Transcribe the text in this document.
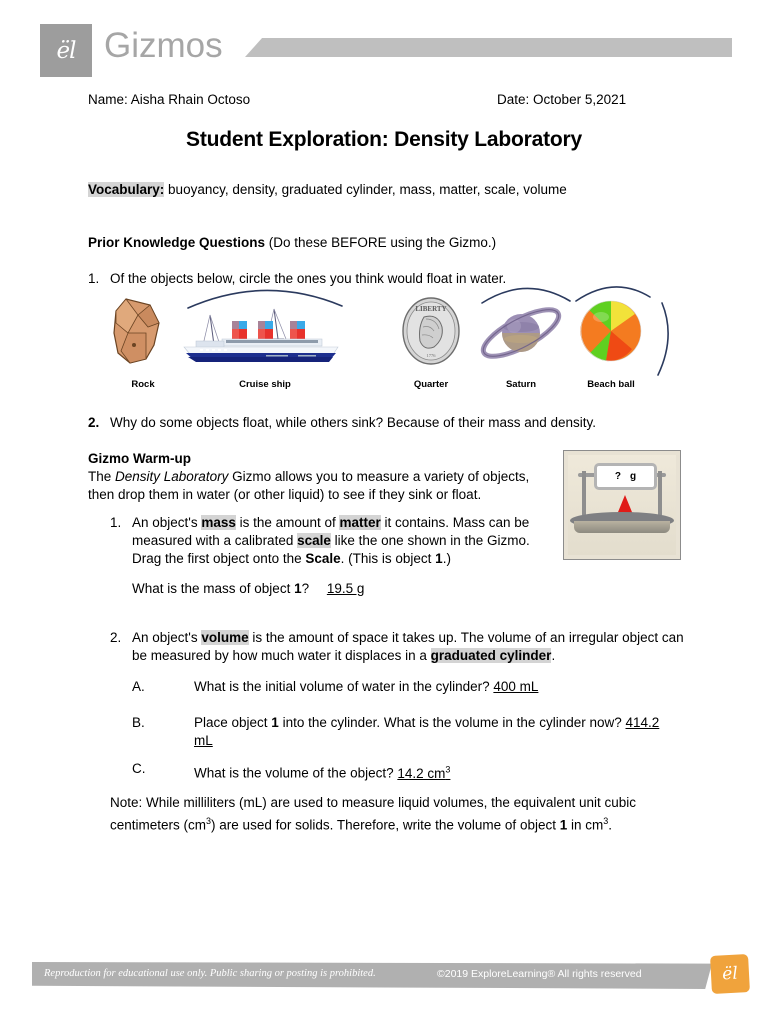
ël Gizmos
Name: Aisha Rhain Octoso	Date: October 5,2021
Student Exploration: Density Laboratory
Vocabulary: buoyancy, density, graduated cylinder, mass, matter, scale, volume
Prior Knowledge Questions (Do these BEFORE using the Gizmo.)
1. Of the objects below, circle the ones you think would float in water.
Rock	Cruise ship
LIBERTY
1776
Quarter	Saturn	Beach ball
2. Why do some objects float, while others sink? Because of their mass and density.
Gizmo Warm-up
The Density Laboratory Gizmo allows you to measure a variety of objects, then drop them in water (or other liquid) to see if they sink or float.
? g
1. An object's mass is the amount of matter it contains. Mass can be measured with a calibrated scale like the one shown in the Gizmo. Drag the first object onto the Scale. (This is object 1.)
What is the mass of object 1? 19.5 g
2. An object's volume is the amount of space it takes up. The volume of an irregular object can be measured by how much water it displaces in a graduated cylinder.
A.	What is the initial volume of water in the cylinder? 400 mL
B.	Place object 1 into the cylinder. What is the volume in the cylinder now? 414.2 mL
C.	What is the volume of the object? 14.2 $cm^3$
Note: While milliliters (mL) are used to measure liquid volumes, the equivalent unit cubic centimeters $(cm^3)$ are used for solids. Therefore, write the volume of object 1 in $cm^3$.
Reproduction for educational use only. Public sharing or posting is prohibited.	©2019 ExploreLearning® All rights reserved	ël
